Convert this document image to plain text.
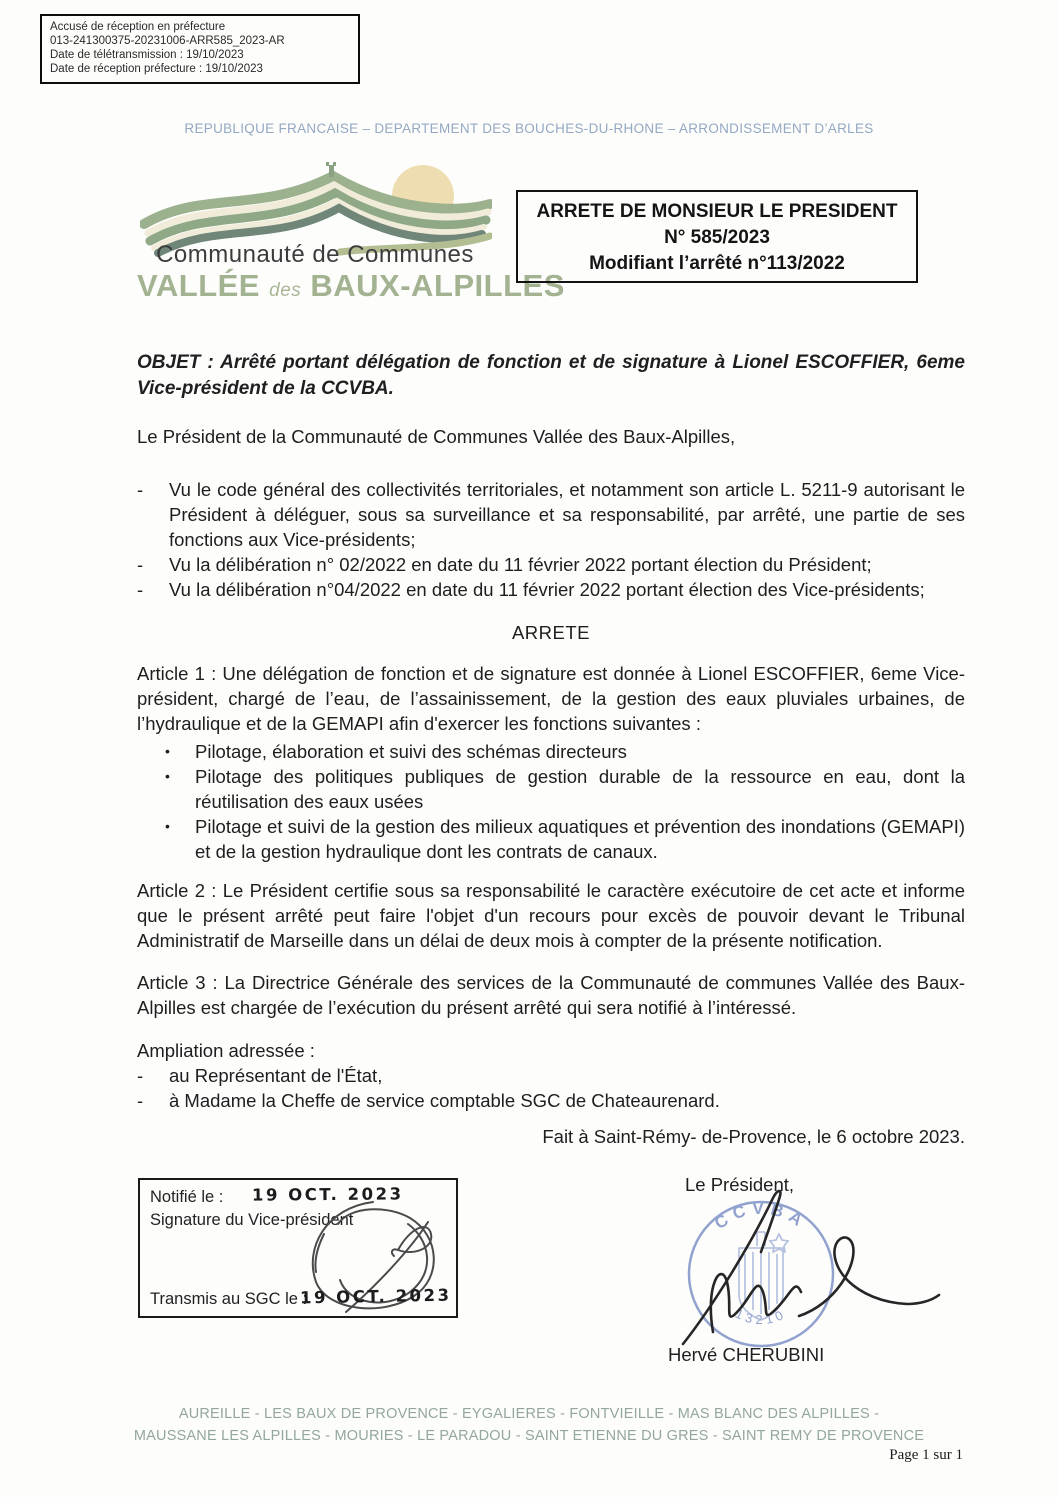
Accusé de réception en préfecture
013-241300375-20231006-ARR585_2023-AR
Date de télétransmission : 19/10/2023
Date de réception préfecture : 19/10/2023
REPUBLIQUE FRANCAISE – DEPARTEMENT DES BOUCHES-DU-RHONE – ARRONDISSEMENT D’ARLES
Communauté de Communes
VALLÉE des BAUX-ALPILLES
ARRETE DE MONSIEUR LE PRESIDENT
N° 585/2023
Modifiant l’arrêté n°113/2022
OBJET : Arrêté portant délégation de fonction et de signature à Lionel ESCOFFIER, 6eme Vice-président de la CCVBA.
Le Président de la Communauté de Communes Vallée des Baux-Alpilles,
-	Vu le code général des collectivités territoriales, et notamment son article L. 5211-9 autorisant le Président à déléguer, sous sa surveillance et sa responsabilité, par arrêté, une partie de ses fonctions aux Vice-présidents;
-	Vu la délibération n° 02/2022 en date du 11 février 2022 portant élection du Président;
-	Vu la délibération n°04/2022 en date du 11 février 2022 portant élection des Vice-présidents;
ARRETE
Article 1 : Une délégation de fonction et de signature est donnée à Lionel ESCOFFIER, 6eme Vice-président, chargé de l’eau, de l’assainissement, de la gestion des eaux pluviales urbaines, de l’hydraulique et de la GEMAPI afin d'exercer les fonctions suivantes :
•	Pilotage, élaboration et suivi des schémas directeurs
•	Pilotage des politiques publiques de gestion durable de la ressource en eau, dont la réutilisation des eaux usées
•	Pilotage et suivi de la gestion des milieux aquatiques et prévention des inondations (GEMAPI) et de la gestion hydraulique dont les contrats de canaux.
Article 2 : Le Président certifie sous sa responsabilité le caractère exécutoire de cet acte et informe que le présent arrêté peut faire l'objet d'un recours pour excès de pouvoir devant le Tribunal Administratif de Marseille dans un délai de deux mois à compter de la présente notification.
Article 3 : La Directrice Générale des services de la Communauté de communes Vallée des Baux-Alpilles est chargée de l’exécution du présent arrêté qui sera notifié à l’intéressé.
Ampliation adressée :
-	au Représentant de l'État,
-	à Madame la Cheffe de service comptable SGC de Chateaurenard.
Fait à Saint-Rémy- de-Provence, le 6 octobre 2023.
Notifié le : 19 OCT. 2023
Signature du Vice-président
Transmis au SGC le :
19 OCT. 2023
Le Président,
CCVBA
13210
Hervé CHERUBINI
AUREILLE - LES BAUX DE PROVENCE - EYGALIERES - FONTVIEILLE - MAS BLANC DES ALPILLES -
MAUSSANE LES ALPILLES - MOURIES - LE PARADOU - SAINT ETIENNE DU GRES - SAINT REMY DE PROVENCE
Page 1 sur 1
